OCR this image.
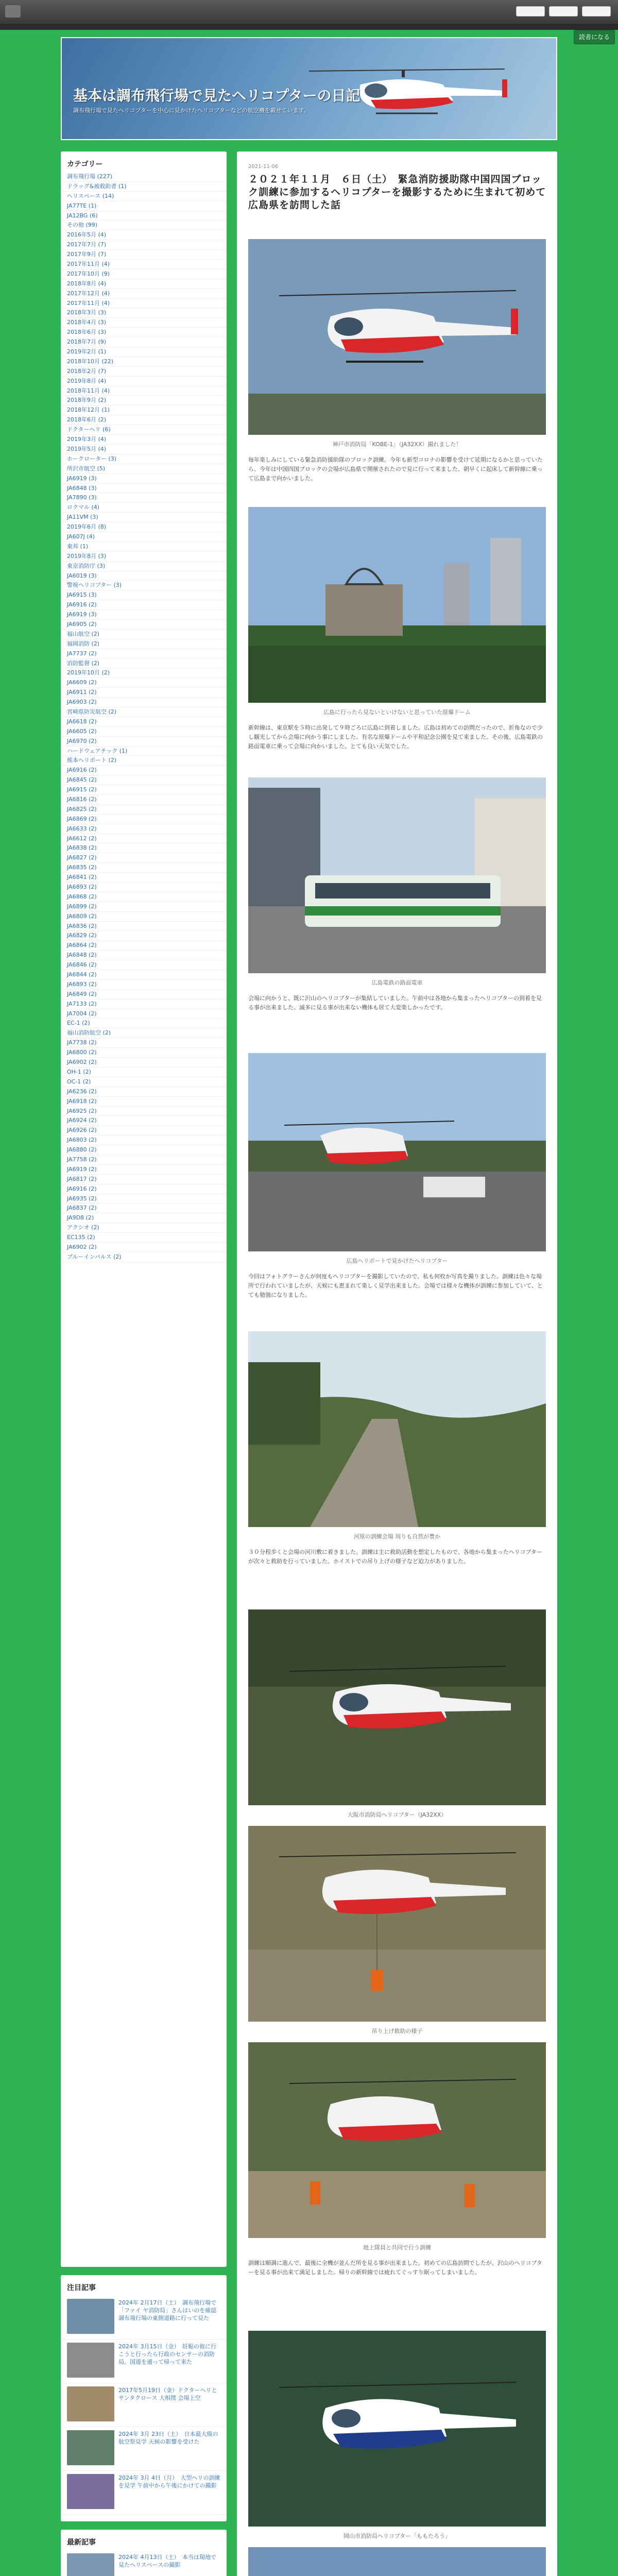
読者になる
基本は調布飛行場で見たヘリコプターの日記
調布飛行場で見たヘリコプターを中心に見かけたヘリコプターなどの航空機を載せています。
カテゴリー
調布飛行場 (227)
ドラッグ&被救助者 (1)
ヘリスペース (14)
JA77TE (1)
JA12BG (6)
その他 (99)
2016年5月 (4)
2017年7月 (7)
2017年9月 (7)
2017年11月 (4)
2017年10月 (9)
2018年8月 (4)
2017年12月 (4)
2017年11月 (4)
2018年3月 (3)
2018年4月 (3)
2018年6月 (3)
2018年7月 (9)
2019年2月 (1)
2018年10月 (22)
2018年2月 (7)
2019年8月 (4)
2018年11月 (4)
2018年9月 (2)
2018年12月 (1)
2018年6月 (2)
ドクターヘリ (6)
2019年3月 (4)
2019年5月 (4)
ホークローター (3)
所沢市航空 (5)
JA6919 (3)
JA6848 (3)
JA7890 (3)
ロクマル (4)
JA11VM (3)
2019年6月 (8)
JA607J (4)
東邦 (1)
2019年8月 (3)
東京消防庁 (3)
JA6019 (3)
警視ヘリコプター (3)
JA6915 (3)
JA6916 (2)
JA6919 (3)
JA6905 (2)
福山航空 (2)
福岡消防 (2)
JA7737 (2)
消防監督 (2)
2019年10月 (2)
JA6609 (2)
JA6911 (2)
JA6903 (2)
宮崎県防災航空 (2)
JA6618 (2)
JA6605 (2)
JA6970 (2)
ハードウェアチック (1)
熊本ヘリポート (2)
JA6916 (2)
JA6845 (2)
JA6915 (2)
JA6816 (2)
JA6825 (2)
JA6869 (2)
JA6633 (2)
JA6612 (2)
JA6838 (2)
JA6827 (2)
JA6835 (2)
JA6841 (2)
JA6893 (2)
JA6868 (2)
JA6899 (2)
JA6809 (2)
JA6836 (2)
JA6829 (2)
JA6864 (2)
JA6848 (2)
JA6846 (2)
JA6844 (2)
JA6893 (2)
JA6849 (2)
JA7133 (2)
JA7004 (2)
EC-1 (2)
福山消防航空 (2)
JA7738 (2)
JA6800 (2)
JA6902 (2)
OH-1 (2)
OC-1 (2)
JA6236 (2)
JA6918 (2)
JA6925 (2)
JA6924 (2)
JA6926 (2)
JA6803 (2)
JA6880 (2)
JA7758 (2)
JA6919 (2)
JA6817 (2)
JA6916 (2)
JA6935 (2)
JA6837 (2)
JA9D8 (2)
アクシオ (2)
EC135 (2)
JA6902 (2)
ブルーインパルス (2)
注目記事
2024年 2月17日（土）　調布飛行場で「ファイ ヤ消防局」さんはいのを確認 調布飛行場の東側道路に行って見た
2024年 3月15日（金）　妊娠の彼に行こうと行ったら行政のセンサーの消防局。国道を通って帰って来た
2017年5月19日（金）ドクターヘリとサンタクロース 大相撲 会場上空
2024年 3月 23日（土）　日本最大級の航空祭見学 天候の影響を受けた
2024年 3月 4日（月）　大型ヘリの訓練を見学 午前中から午後にかけての撮影
最新記事
2024年 4月13日（土）　本当は現地で見たヘリスペースの撮影
2021-11-06
２０２１年１１月　６日（土）　緊急消防援助隊中国四国ブロック訓練に参加するヘリコプターを撮影するために生まれて初めて広島県を訪問した話
神戸市消防局「KOBE-1」（JA32XX）撮れました！
毎年楽しみにしている緊急消防援助隊のブロック訓練。今年も新型コロナの影響を受けて延期になるかと思っていたら、今年は中国四国ブロックの会場が広島県で開催されたので見に行って来ました。朝早くに起床して新幹線に乗って広島まで向かいました。
広島に行ったら見ないといけないと思っていた原爆ドーム
新幹線は、東京駅を５時に出発して９時ごろに広島に到着しました。広島は初めての訪問だったので、折角なので少し観光してから会場に向かう事にしました。有名な原爆ドームや平和記念公園を見て来ました。その後、広島電鉄の路面電車に乗って会場に向かいました。とても良い天気でした。
広島電鉄の路面電車
会場に向かうと、既に沢山のヘリコプターが集結していました。午前中は各地から集まったヘリコプターの到着を見る事が出来ました。滅多に見る事が出来ない機体も居て大変楽しかったです。
広島ヘリポートで見かけたヘリコプター
今回はフォトグラーさんが何度もヘリコプターを撮影していたので、私も何枚か写真を撮りました。訓練は色々な場所で行われていましたが、天候にも恵まれて楽しく見学出来ました。会場では様々な機体が訓練に参加していて、とても勉強になりました。
河原の訓練会場 周りも自然が豊か
３０分程歩くと会場の河川敷に着きました。訓練は主に救助活動を想定したもので、各地から集まったヘリコプターが次々と救助を行っていました。ホイストでの吊り上げの様子など迫力がありました。
大阪市消防局ヘリコプター（JA32XX）
吊り上げ救助の様子
地上隊員と共同で行う訓練
訓練は順調に進んで、最後に全機が並んだ所を見る事が出来ました。初めての広島訪問でしたが、沢山のヘリコプターを見る事が出来て満足しました。帰りの新幹線では疲れてぐっすり眠ってしまいました。
岡山市消防局ヘリコプター「ももたろう」
